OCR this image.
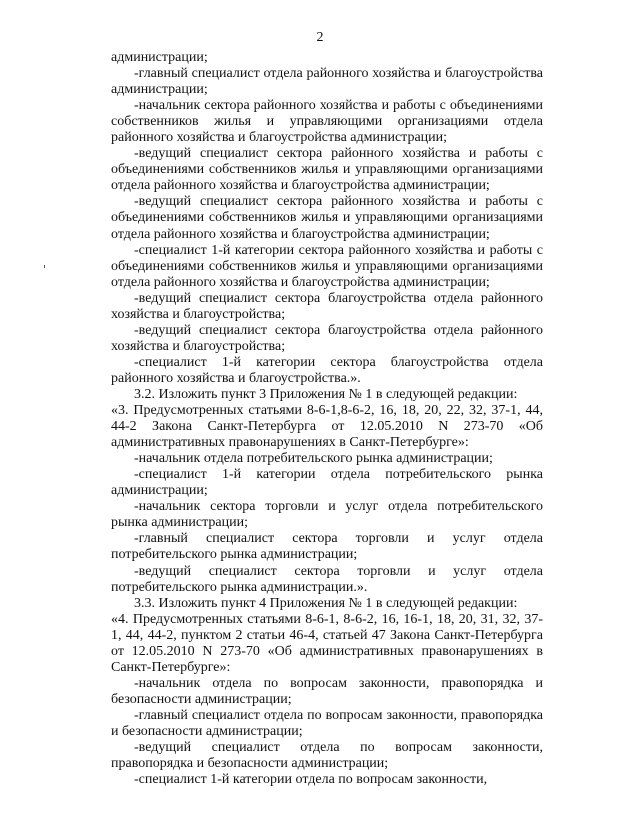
2

администрации;

-главный специалист отдела районного хозяйства и благоустройства администрации;

-начальник сектора районного хозяйства и работы с объединениями собственников жилья и управляющими организациями отдела районного хозяйства и благоустройства администрации;

-ведущий специалист сектора районного хозяйства и работы с объединениями собственников жилья и управляющими организациями отдела районного хозяйства и благоустройства администрации;

-ведущий специалист сектора районного хозяйства и работы с объединениями собственников жилья и управляющими организациями отдела районного хозяйства и благоустройства администрации;

-специалист 1-й категории сектора районного хозяйства и работы с объединениями собственников жилья и управляющими организациями отдела районного хозяйства и благоустройства администрации;

-ведущий специалист сектора благоустройства отдела районного хозяйства и благоустройства;

-ведущий специалист сектора благоустройства отдела районного хозяйства и благоустройства;

-специалист 1-й категории сектора благоустройства отдела районного хозяйства и благоустройства.».

3.2. Изложить пункт 3 Приложения № 1 в следующей редакции:

«3. Предусмотренных статьями 8-6-1,8-6-2, 16, 18, 20, 22, 32, 37-1, 44, 44-2 Закона Санкт-Петербурга от 12.05.2010 N 273-70 «Об административных правонарушениях в Санкт-Петербурге»:

-начальник отдела потребительского рынка администрации;

-специалист 1-й категории отдела потребительского рынка администрации;

-начальник сектора торговли и услуг отдела потребительского рынка администрации;

-главный специалист сектора торговли и услуг отдела потребительского рынка администрации;

-ведущий специалист сектора торговли и услуг отдела потребительского рынка администрации.».

3.3. Изложить пункт 4 Приложения № 1 в следующей редакции:

«4. Предусмотренных статьями 8-6-1, 8-6-2, 16, 16-1, 18, 20, 31, 32, 37-1, 44, 44-2, пунктом 2 статьи 46-4, статьей 47 Закона Санкт-Петербурга от 12.05.2010 N 273-70 «Об административных правонарушениях в Санкт-Петербурге»:

-начальник отдела по вопросам законности, правопорядка и безопасности администрации;

-главный специалист отдела по вопросам законности, правопорядка и безопасности администрации;

-ведущий специалист отдела по вопросам законности, правопорядка и безопасности администрации;

-специалист 1-й категории отдела по вопросам законности,
